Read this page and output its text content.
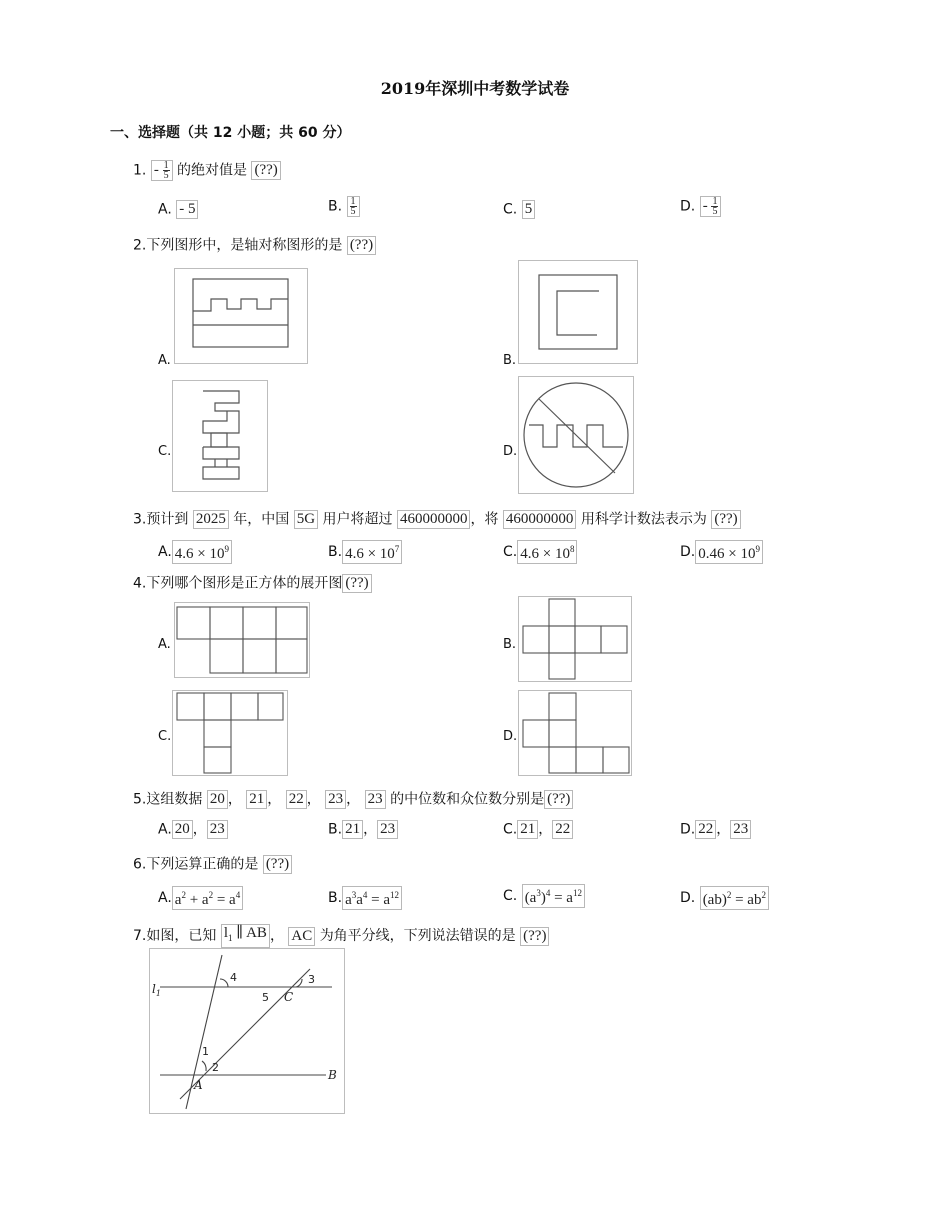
2019年深圳中考数学试卷
一、选择题（共 12 小题；共 60 分）
1. - $\frac{1}{5}$ 的绝对值是 (??)
A. - 5	B. $\frac{1}{5}$	C. 5	D. - $\frac{1}{5}$
2.下列图形中，是轴对称图形的是 (??)
A.	B.
C.	D.
3.预计到 2025 年，中国 5G 用户将超过 460000000 ，将 460000000 用科学计数法表示为 (??)
A. $4.6 \times 10^9$	B. $4.6 \times 10^7$	C. $4.6 \times 10^8$	D. $0.46 \times 10^9$
4.下列哪个图形是正方体的展开图 (??)
A.	B.
C.	D.
5.这组数据 20 ， 21 ， 22 ， 23 ， 23 的中位数和众位数分别是 (??)
A. 20 ， 23	B. 21 ， 23	C. 21 ， 22	D. 22 ， 23
6.下列运算正确的是 (??)
A. $a^2 + a^2 = a^4$	B. $a^3a^4 = a^{12}$	C. $(a^3)^4 = a^{12}$	D. $(ab)^2 = ab^2$
7.如图，已知 $l_1$ ∥ AB ， AC 为角平分线，下列说法错误的是 (??)
$l_1$
B
A
C
4	3
5
1
2
